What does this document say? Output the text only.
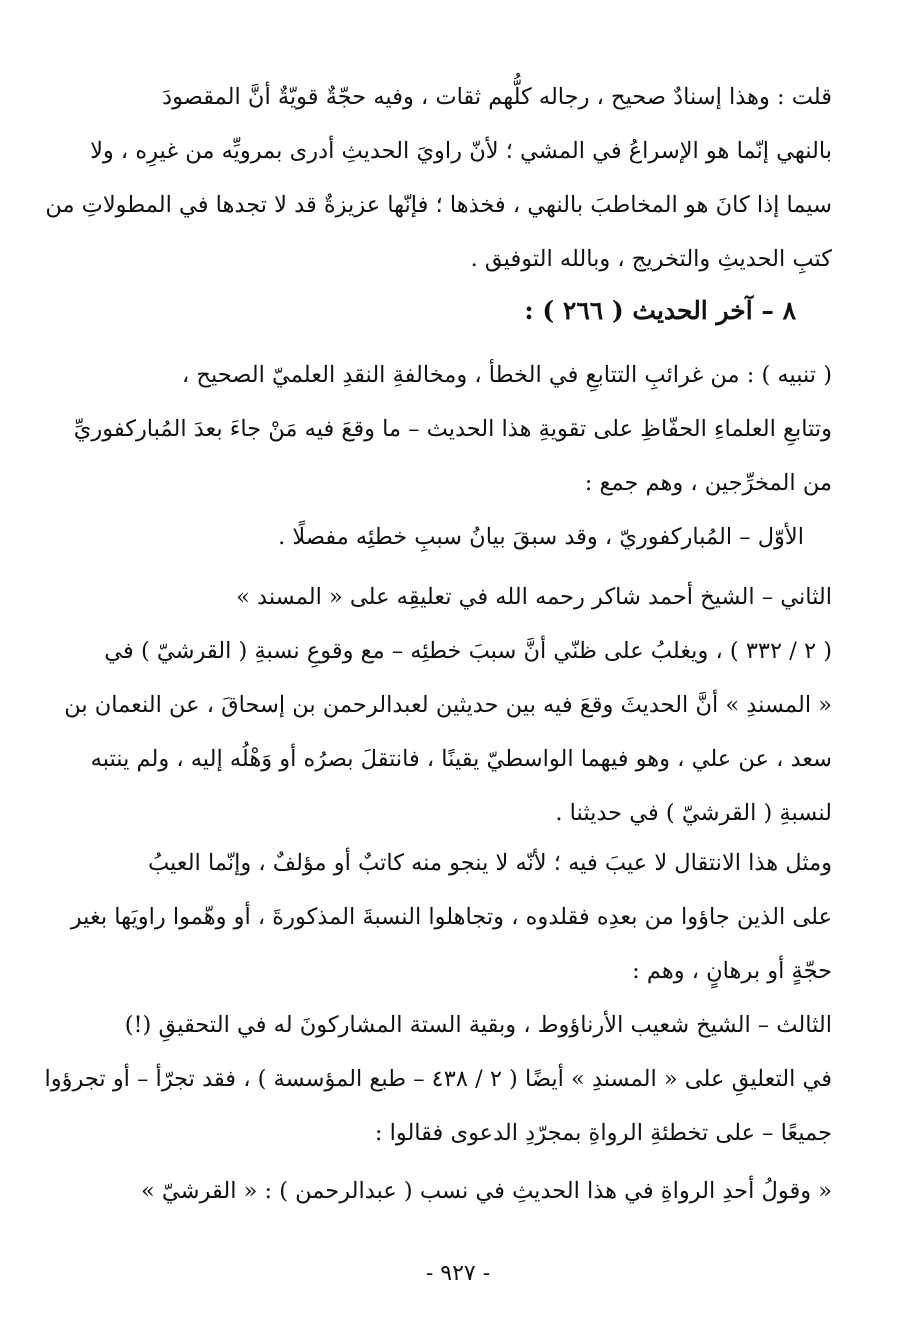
قلت : وهذا إسنادٌ صحيح ، رجاله كلُّهم ثقات ، وفيه حجّةٌ قويّةٌ أنَّ المقصودَ
بالنهي إنّما هو الإسراعُ في المشي ؛ لأنّ راويَ الحديثِ أدرى بمرويِّه من غيرِه ، ولا
سيما إذا كانَ هو المخاطبَ بالنهي ، فخذها ؛ فإنّها عزيزةٌ قد لا تجدها في المطولاتِ من
كتبِ الحديثِ والتخريج ، وبالله التوفيق .
٨ – آخر الحديث ( ٢٦٦ ) :
( تنبيه ) : من غرائبِ التتابعِ في الخطأ ، ومخالفةِ النقدِ العلميّ الصحيح ،
وتتابعِ العلماءِ الحفّاظِ على تقويةِ هذا الحديث – ما وقعَ فيه مَنْ جاءَ بعدَ المُباركفوريِّ
من المخرِّجين ، وهم جمع :
الأوّل – المُباركفوريّ ، وقد سبقَ بيانُ سببِ خطئِه مفصلًا .
الثاني – الشيخ أحمد شاكر رحمه الله في تعليقِه على « المسند »
( ٢ / ٣٣٢ ) ، ويغلبُ على ظنّي أنَّ سببَ خطئِه – مع وقوعِ نسبةِ ( القرشيّ ) في
« المسندِ » أنَّ الحديثَ وقعَ فيه بين حديثين لعبدالرحمن بن إسحاقَ ، عن النعمان بن
سعد ، عن علي ، وهو فيهما الواسطيّ يقينًا ، فانتقلَ بصرُه أو وَهْلُه إليه ، ولم ينتبه
لنسبةِ ( القرشيّ ) في حديثنا .
ومثل هذا الانتقال لا عيبَ فيه ؛ لأنّه لا ينجو منه كاتبٌ أو مؤلفٌ ، وإنّما العيبُ
على الذين جاؤوا من بعدِه فقلدوه ، وتجاهلوا النسبةَ المذكورةَ ، أو وهّموا راويَها بغير
حجّةٍ أو برهانٍ ، وهم :
الثالث – الشيخ شعيب الأرناؤوط ، وبقية الستة المشاركونَ له في التحقيقِ (!)
في التعليقِ على « المسندِ » أيضًا ( ٢ / ٤٣٨ – طبع المؤسسة ) ، فقد تجرّأ – أو تجرؤوا
جميعًا – على تخطئةِ الرواةِ بمجرّدِ الدعوى فقالوا :
« وقولُ أحدِ الرواةِ في هذا الحديثِ في نسب ( عبدالرحمن ) : « القرشيّ »
- ٩٢٧ -
